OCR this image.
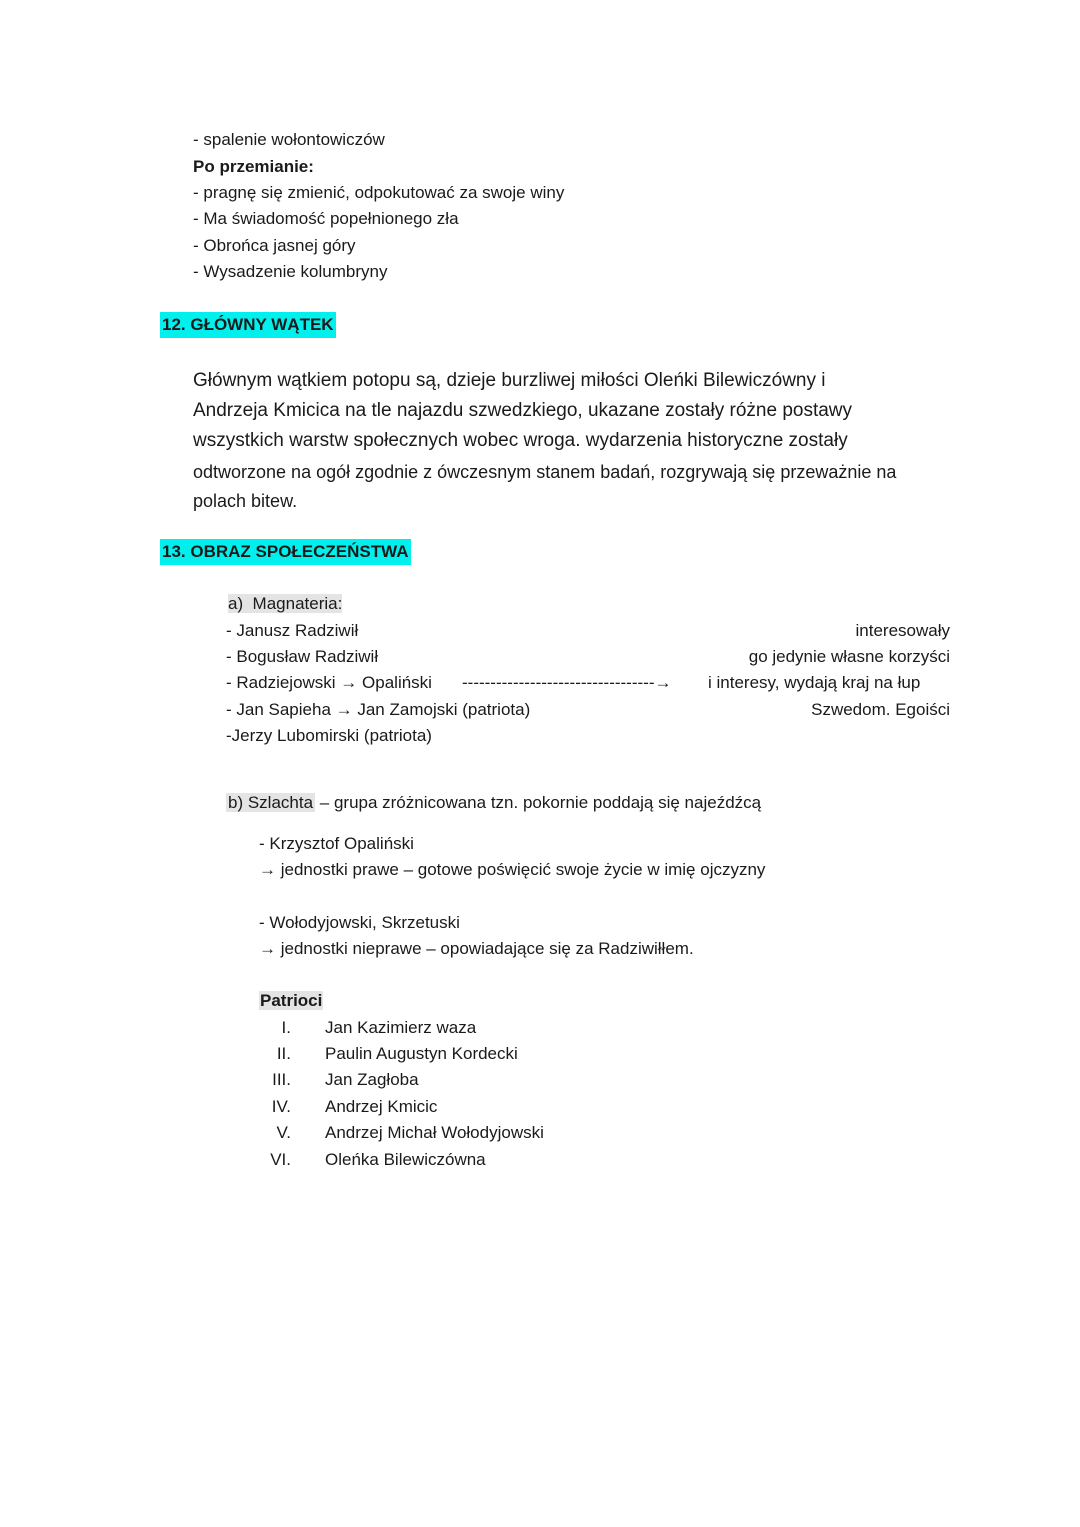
- spalenie wołontowiczów
Po przemianie:
- pragnę się zmienić, odpokutować za swoje winy
- Ma świadomość popełnionego zła
- Obrońca jasnej góry
- Wysadzenie kolumbryny
12. GŁÓWNY WĄTEK
Głównym wątkiem potopu są, dzieje burzliwej miłości Oleńki Bilewiczówny i
Andrzeja Kmicica na tle najazdu szwedzkiego, ukazane zostały różne postawy
wszystkich warstw społecznych wobec wroga. wydarzenia historyczne zostały
odtworzone na ogół zgodnie z ówczesnym stanem badań, rozgrywają się przeważnie na
polach bitew.
13. OBRAZ SPOŁECZEŃSTWA
a)  Magnateria:
- Janusz Radziwił
- Bogusław Radziwił
- Radziejowski → Opaliński ----------------------------------→
- Jan Sapieha → Jan Zamojski (patriota)
-Jerzy Lubomirski (patriota)
interesowały
go jedynie własne korzyści
i interesy, wydają kraj na łup
Szwedom. Egoiści
b) Szlachta – grupa zróżnicowana tzn. pokornie poddają się najeźdźcą
- Krzysztof Opaliński
→ jednostki prawe – gotowe poświęcić swoje życie w imię ojczyzny
- Wołodyjowski, Skrzetuski
→ jednostki nieprawe – opowiadające się za Radziwiłłem.
Patrioci
I. Jan Kazimierz waza
II. Paulin Augustyn Kordecki
III. Jan Zagłoba
IV. Andrzej Kmicic
V. Andrzej Michał Wołodyjowski
VI. Oleńka Bilewiczówna
